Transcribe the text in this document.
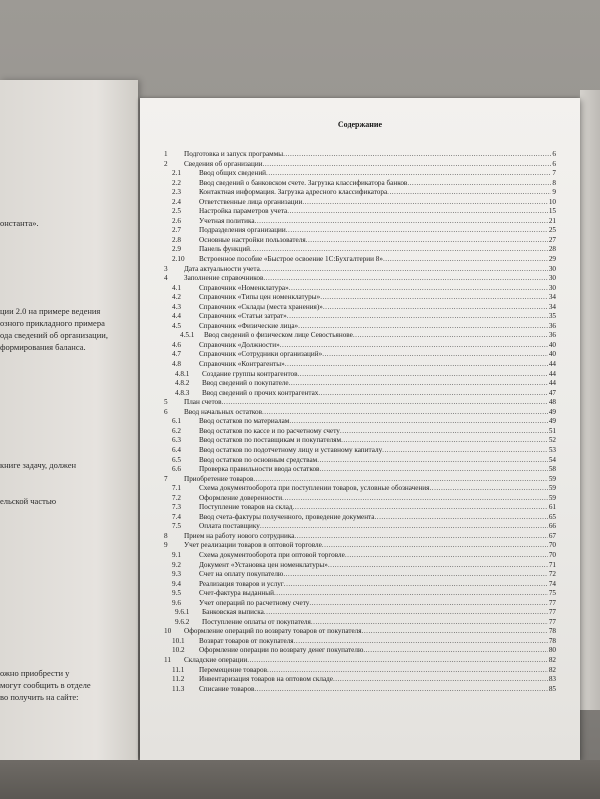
онстанта».
ции 2.0 на примере ведения
озного прикладного примера
ода сведений об организации,
формирования баланса.
книге задачу, должен
ельской частью
ожно приобрести у
могут сообщить в отделе
во получить на сайте:
Содержание
1	Подготовка и запуск программы .....	6
2	Сведения об организации .....	6
2.1	Ввод общих сведений .....	7
2.2	Ввод сведений о банковском счете. Загрузка классификатора банков .....	8
2.3	Контактная информация. Загрузка адресного классификатора .....	9
2.4	Ответственные лица организации .....	10
2.5	Настройка параметров учета .....	15
2.6	Учетная политика .....	21
2.7	Подразделения организации .....	25
2.8	Основные настройки пользователя .....	27
2.9	Панель функций .....	28
2.10	Встроенное пособие «Быстрое освоение 1С:Бухгалтерии 8» .....	29
3	Дата актуальности учета .....	30
4	Заполнение справочников .....	30
4.1	Справочник «Номенклатура» .....	30
4.2	Справочник «Типы цен номенклатуры» .....	34
4.3	Справочник «Склады (места хранения)» .....	34
4.4	Справочник «Статьи затрат» .....	35
4.5	Справочник «Физические лица» .....	36
4.5.1	Ввод сведений о физическом лице Севостьянове .....	36
4.6	Справочник «Должности» .....	40
4.7	Справочник «Сотрудники организаций» .....	40
4.8	Справочник «Контрагенты» .....	44
4.8.1	Создание группы контрагентов .....	44
4.8.2	Ввод сведений о покупателе .....	44
4.8.3	Ввод сведений о прочих контрагентах .....	47
5	План счетов .....	48
6	Ввод начальных остатков .....	49
6.1	Ввод остатков по материалам .....	49
6.2	Ввод остатков по кассе и по расчетному счету .....	51
6.3	Ввод остатков по поставщикам и покупателям .....	52
6.4	Ввод остатков по подотчетному лицу и уставному капиталу .....	53
6.5	Ввод остатков по основным средствам .....	54
6.6	Проверка правильности ввода остатков .....	58
7	Приобретение товаров .....	59
7.1	Схема документооборота при поступлении товаров, условные обозначения .....	59
7.2	Оформление доверенности .....	59
7.3	Поступление товаров на склад .....	61
7.4	Ввод счета-фактуры полученного, проведение документа .....	65
7.5	Оплата поставщику .....	66
8	Прием на работу нового сотрудника .....	67
9	Учет реализации товаров в оптовой торговле .....	70
9.1	Схема документооборота при оптовой торговле .....	70
9.2	Документ «Установка цен номенклатуры» .....	71
9.3	Счет на оплату покупателю .....	72
9.4	Реализация товаров и услуг .....	74
9.5	Счет-фактура выданный .....	75
9.6	Учет операций по расчетному счету .....	77
9.6.1	Банковская выписка .....	77
9.6.2	Поступление оплаты от покупателя .....	77
10	Оформление операций по возврату товаров от покупателя .....	78
10.1	Возврат товаров от покупателя .....	78
10.2	Оформление операции по возврату денег покупателю .....	80
11	Складские операции .....	82
11.1	Перемещение товаров .....	82
11.2	Инвентаризация товаров на оптовом складе .....	83
11.3	Списание товаров .....	85
